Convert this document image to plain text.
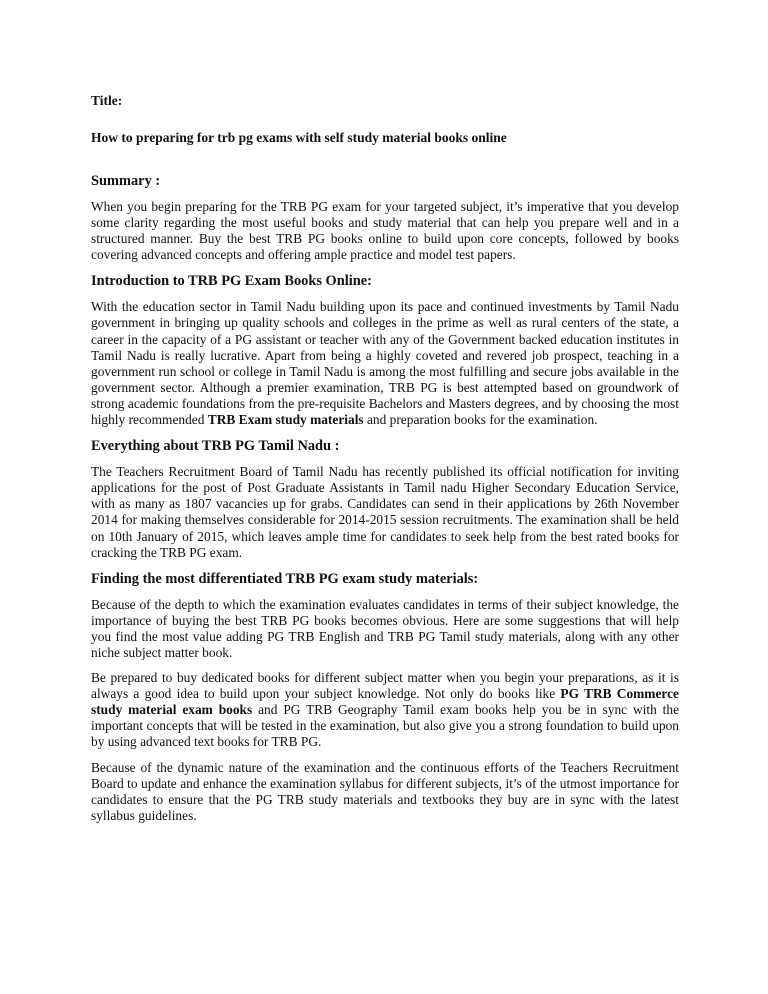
Title:
How to preparing for trb pg exams with self study material books online
Summary :

When you begin preparing for the TRB PG exam for your targeted subject, it’s imperative that you develop some clarity regarding the most useful books and study material that can help you prepare well and in a structured manner. Buy the best TRB PG books online to build upon core concepts, followed by books covering advanced concepts and offering ample practice and model test papers.

Introduction to TRB PG Exam Books Online:

With the education sector in Tamil Nadu building upon its pace and continued investments by Tamil Nadu government in bringing up quality schools and colleges in the prime as well as rural centers of the state, a career in the capacity of a PG assistant or teacher with any of the Government backed education institutes in Tamil Nadu is really lucrative. Apart from being a highly coveted and revered job prospect, teaching in a government run school or college in Tamil Nadu is among the most fulfilling and secure jobs available in the government sector. Although a premier examination, TRB PG is best attempted based on groundwork of strong academic foundations from the pre-requisite Bachelors and Masters degrees, and by choosing the most highly recommended TRB Exam study materials and preparation books for the examination.

Everything about TRB PG Tamil Nadu :

The Teachers Recruitment Board of Tamil Nadu has recently published its official notification for inviting applications for the post of Post Graduate Assistants in Tamil nadu Higher Secondary Education Service, with as many as 1807 vacancies up for grabs. Candidates can send in their applications by 26th November 2014 for making themselves considerable for 2014-2015 session recruitments. The examination shall be held on 10th January of 2015, which leaves ample time for candidates to seek help from the best rated books for cracking the TRB PG exam.

Finding the most differentiated TRB PG exam study materials:

Because of the depth to which the examination evaluates candidates in terms of their subject knowledge, the importance of buying the best TRB PG books becomes obvious. Here are some suggestions that will help you find the most value adding PG TRB English and TRB PG Tamil study materials, along with any other niche subject matter book.

Be prepared to buy dedicated books for different subject matter when you begin your preparations, as it is always a good idea to build upon your subject knowledge. Not only do books like PG TRB Commerce study material exam books and PG TRB Geography Tamil exam books help you be in sync with the important concepts that will be tested in the examination, but also give you a strong foundation to build upon by using advanced text books for TRB PG.

Because of the dynamic nature of the examination and the continuous efforts of the Teachers Recruitment Board to update and enhance the examination syllabus for different subjects, it’s of the utmost importance for candidates to ensure that the PG TRB study materials and textbooks they buy are in sync with the latest syllabus guidelines.
